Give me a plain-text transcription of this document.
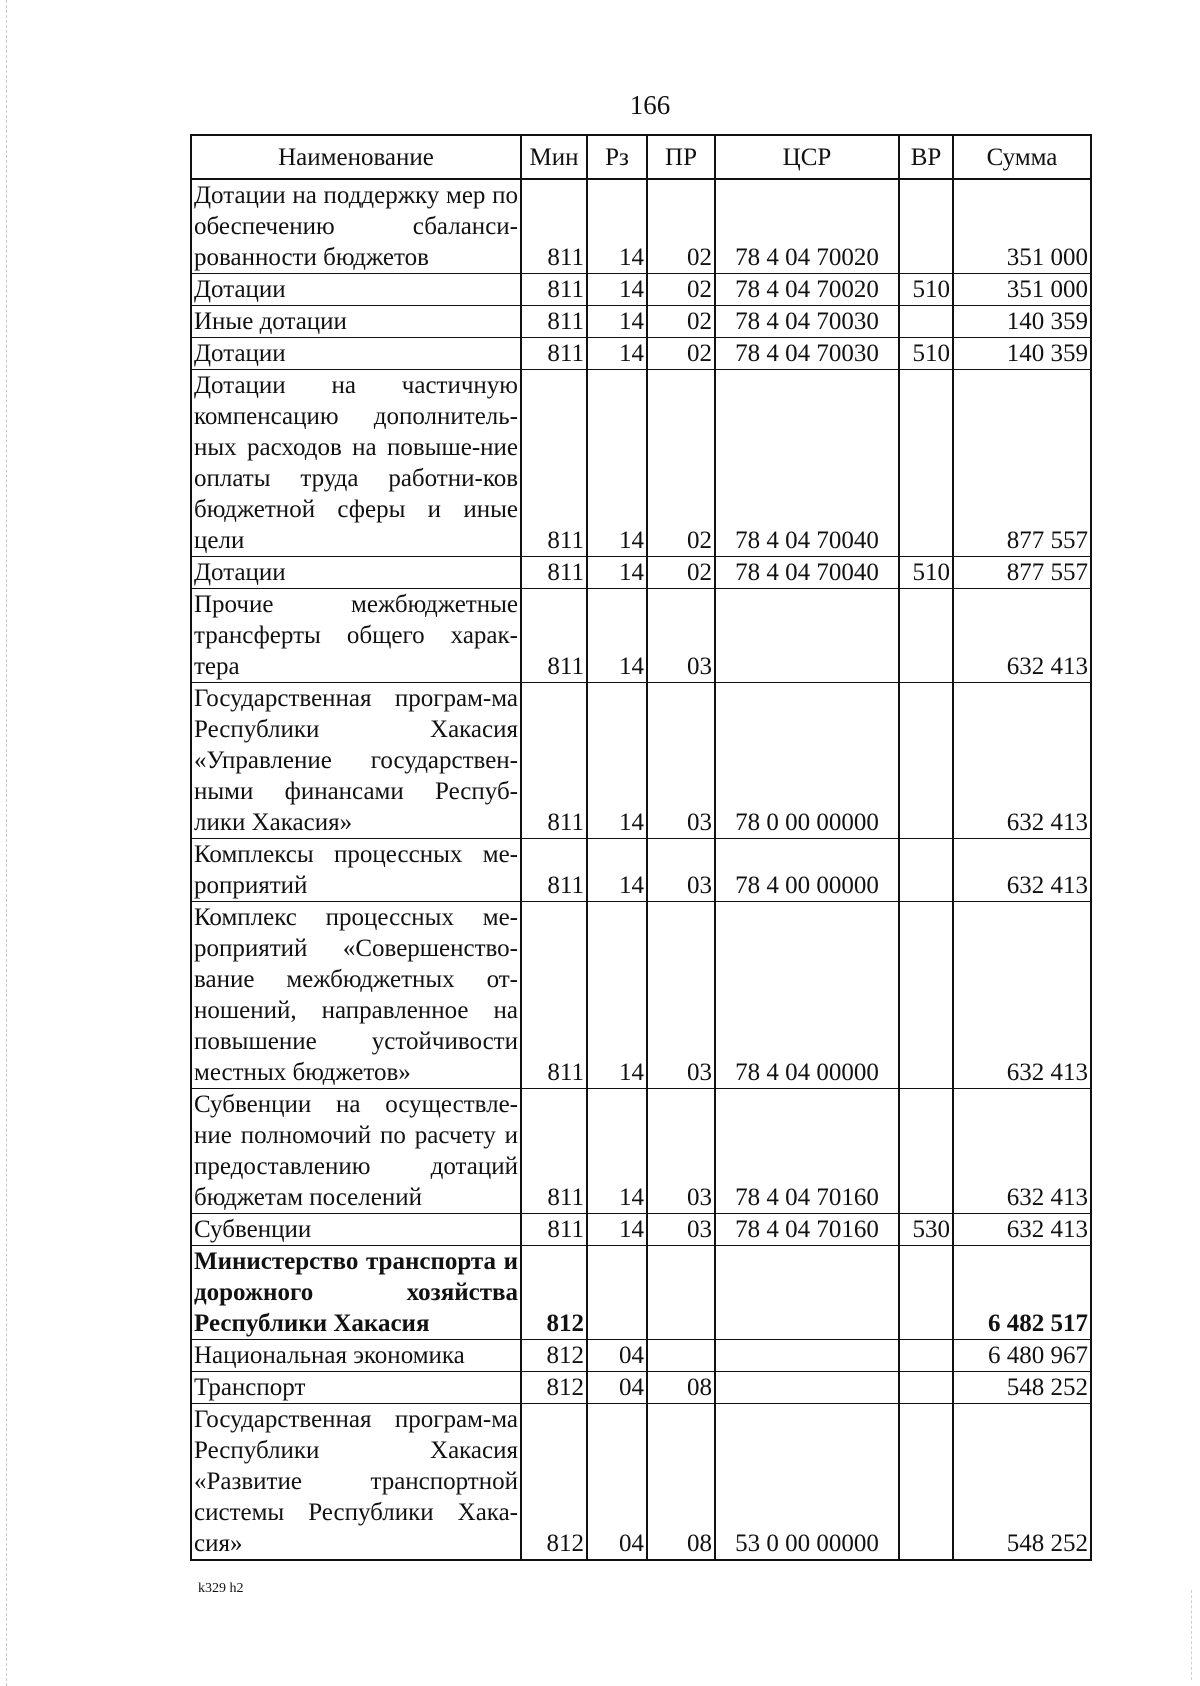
166
Наименование	Мин	Рз	ПР	ЦСР	ВР	Сумма
Дотации на поддержку мер по обеспечению сбаланси-рованности бюджетов	811	14	02	78 4 04 70020		351 000
Дотации	811	14	02	78 4 04 70020	510	351 000
Иные дотации	811	14	02	78 4 04 70030		140 359
Дотации	811	14	02	78 4 04 70030	510	140 359
Дотации на частичную компенсацию дополнитель-ных расходов на повыше-ние оплаты труда работни-ков бюджетной сферы и иные цели	811	14	02	78 4 04 70040		877 557
Дотации	811	14	02	78 4 04 70040	510	877 557
Прочие межбюджетные трансферты общего харак-тера	811	14	03			632 413
Государственная програм-ма Республики Хакасия «Управление государствен-ными финансами Респуб-лики Хакасия»	811	14	03	78 0 00 00000		632 413
Комплексы процессных ме-роприятий	811	14	03	78 4 00 00000		632 413
Комплекс процессных ме-роприятий «Совершенство-вание межбюджетных от-ношений, направленное на повышение устойчивости местных бюджетов»	811	14	03	78 4 04 00000		632 413
Субвенции на осуществле-ние полномочий по расчету и предоставлению дотаций бюджетам поселений	811	14	03	78 4 04 70160		632 413
Субвенции	811	14	03	78 4 04 70160	530	632 413
Министерство транспорта и дорожного хозяйства Республики Хакасия	812					6 482 517
Национальная экономика	812	04				6 480 967
Транспорт	812	04	08			548 252
Государственная програм-ма Республики Хакасия «Развитие транспортной системы Республики Хака-сия»	812	04	08	53 0 00 00000		548 252
k329 h2
